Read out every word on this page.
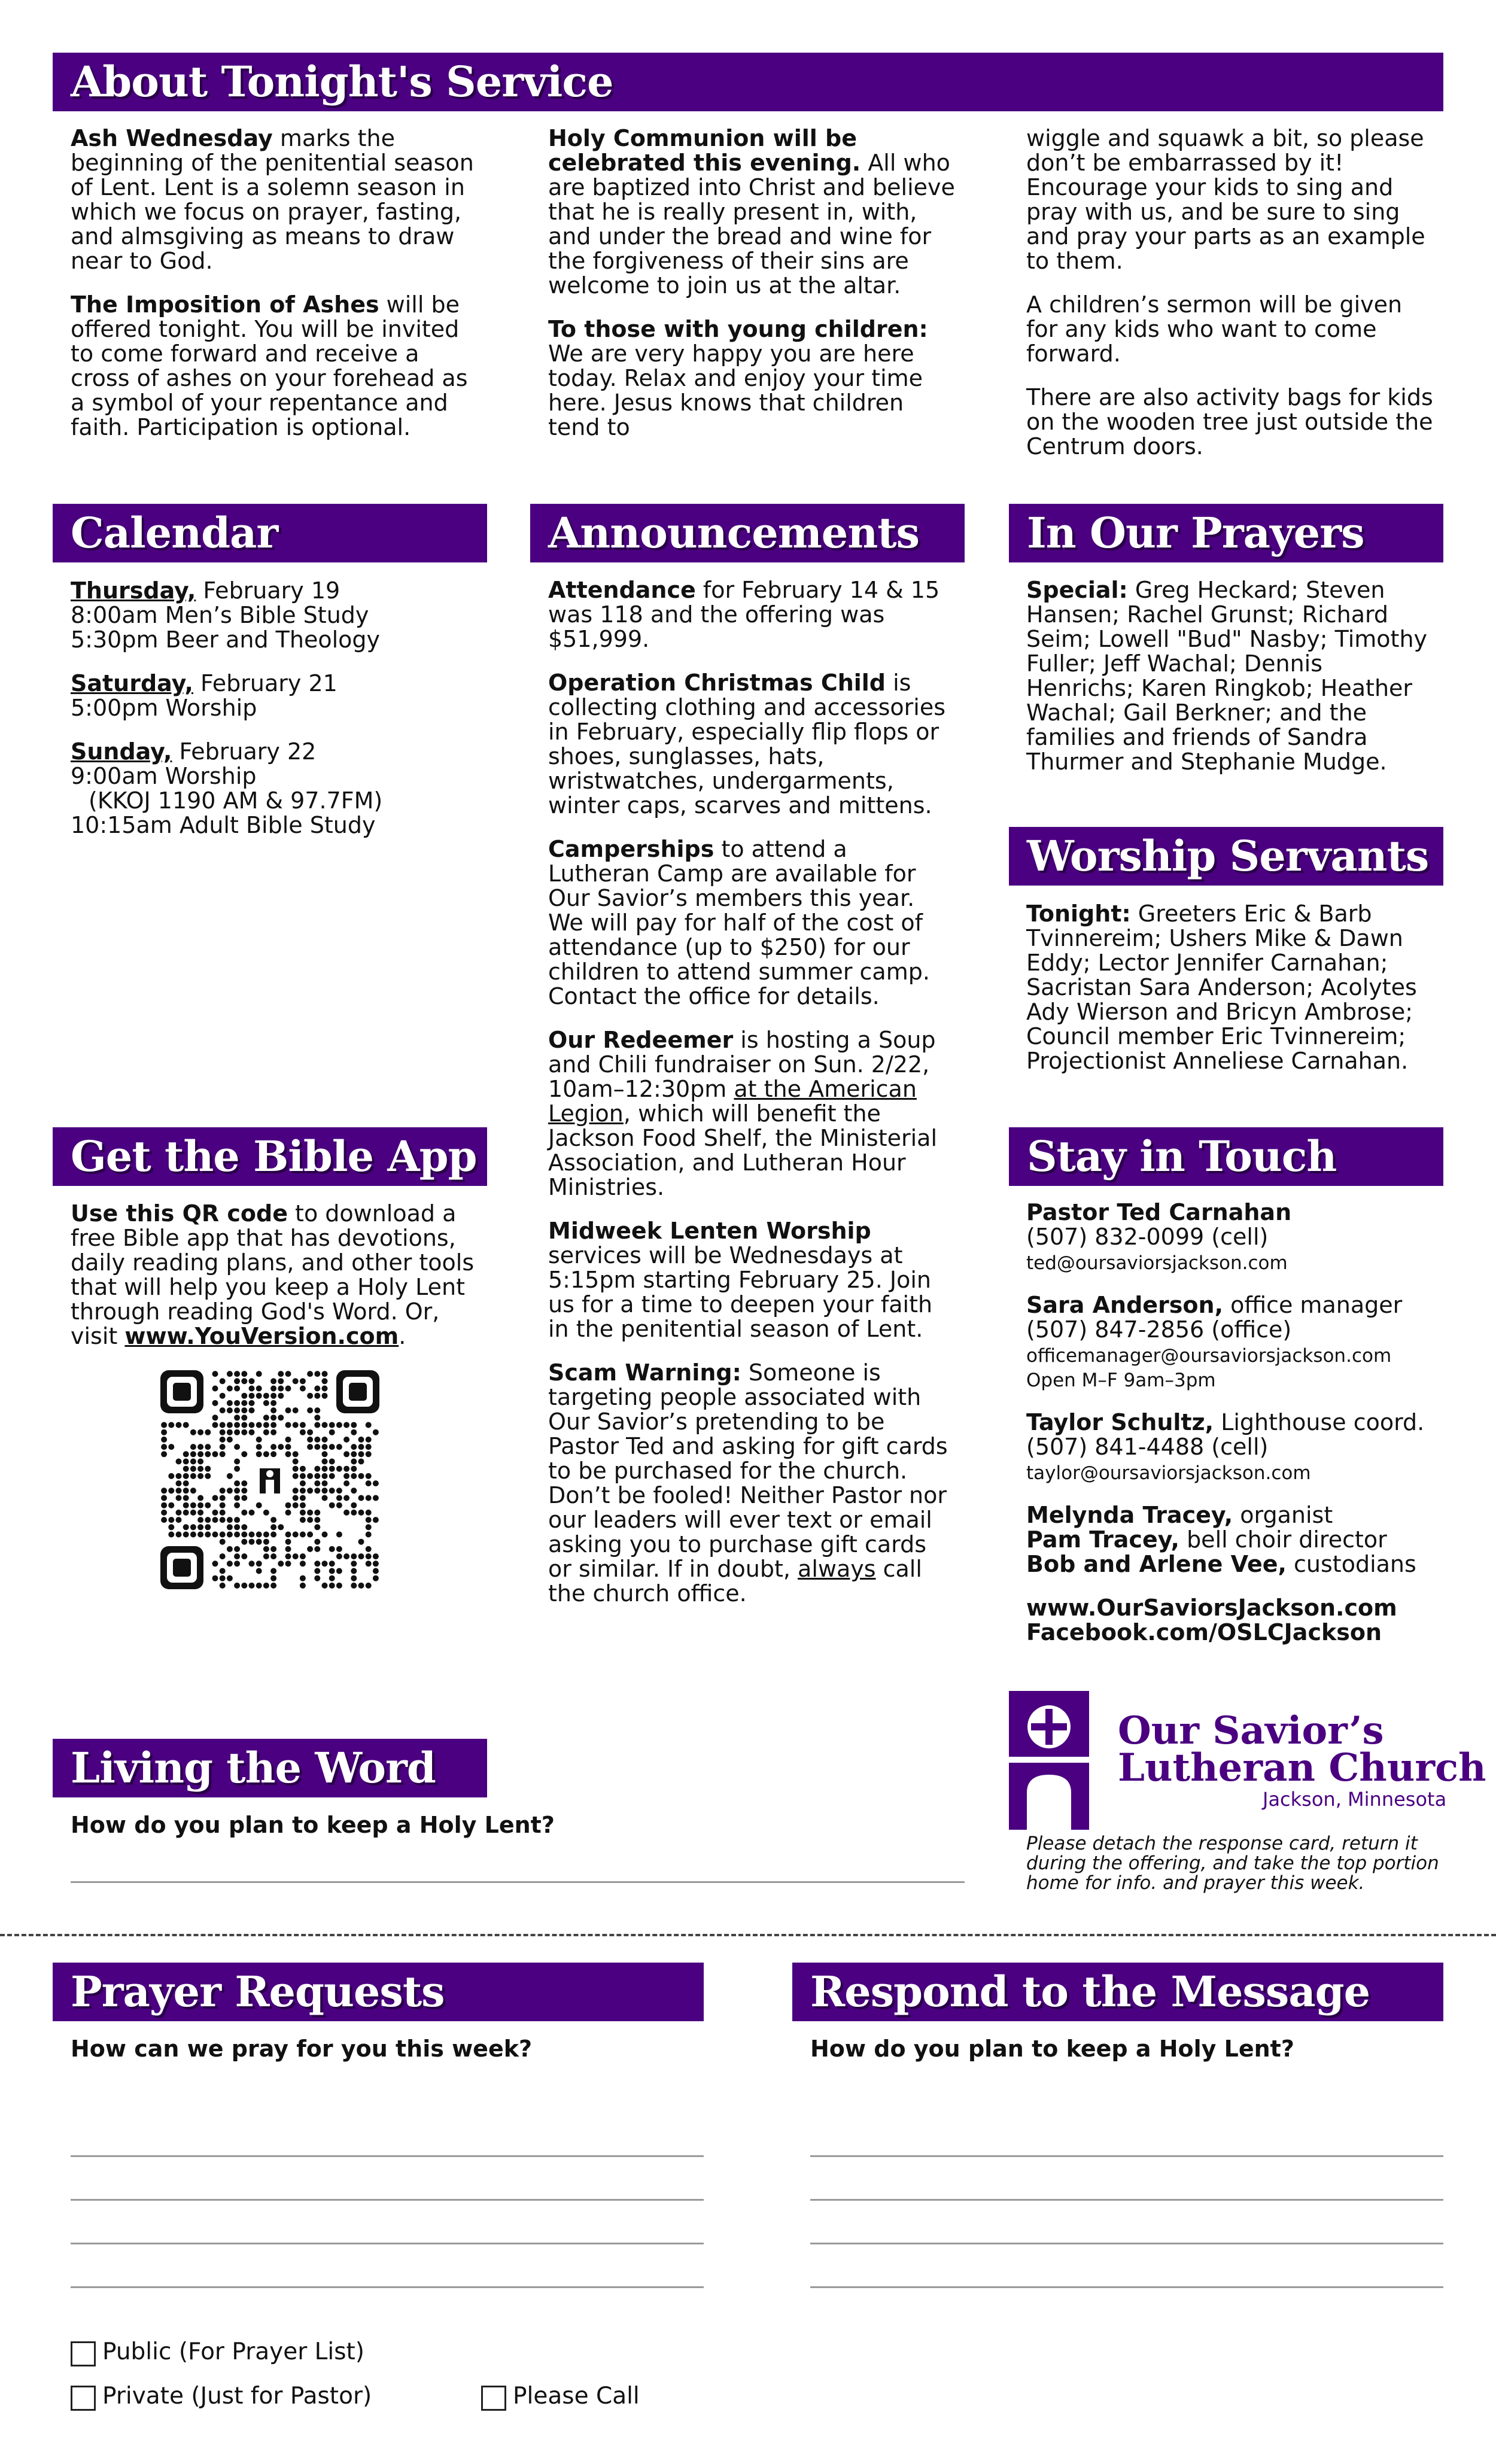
About Tonight's Service

Ash Wednesday marks the beginning of the penitential season of Lent. Lent is a solemn season in which we focus on prayer, fasting, and almsgiving as means to draw near to God.

The Imposition of Ashes will be offered tonight. You will be invited to come forward and receive a cross of ashes on your forehead as a symbol of your repentance and faith. Participation is optional.

Holy Communion will be celebrated this evening. All who are baptized into Christ and believe that he is really present in, with, and under the bread and wine for the forgiveness of their sins are welcome to join us at the altar.

To those with young children: We are very happy you are here today. Relax and enjoy your time here. Jesus knows that children tend to

wiggle and squawk a bit, so please don’t be embarrassed by it! Encourage your kids to sing and pray with us, and be sure to sing and pray your parts as an example to them.

A children’s sermon will be given for any kids who want to come forward.

There are also activity bags for kids on the wooden tree just outside the Centrum doors.

Calendar

Thursday, February 19
8:00am Men’s Bible Study
5:30pm Beer and Theology

Saturday, February 21
5:00pm Worship

Sunday, February 22
9:00am Worship
(KKOJ 1190 AM & 97.7FM)
10:15am Adult Bible Study

Announcements

Attendance for February 14 & 15 was 118 and the offering was $51,999.

Operation Christmas Child is collecting clothing and accessories in February, especially flip flops or shoes, sunglasses, hats, wristwatches, undergarments, winter caps, scarves and mittens.

Camperships to attend a Lutheran Camp are available for Our Savior’s members this year. We will pay for half of the cost of attendance (up to $250) for our children to attend summer camp. Contact the office for details.

Our Redeemer is hosting a Soup and Chili fundraiser on Sun. 2/22, 10am–12:30pm at the American Legion, which will benefit the Jackson Food Shelf, the Ministerial Association, and Lutheran Hour Ministries.

Midweek Lenten Worship services will be Wednesdays at 5:15pm starting February 25. Join us for a time to deepen your faith in the penitential season of Lent.

Scam Warning: Someone is targeting people associated with Our Savior’s pretending to be Pastor Ted and asking for gift cards to be purchased for the church. Don’t be fooled! Neither Pastor nor our leaders will ever text or email asking you to purchase gift cards or similar. If in doubt, always call the church office.

In Our Prayers

Special: Greg Heckard; Steven Hansen; Rachel Grunst; Richard Seim; Lowell "Bud" Nasby; Timothy Fuller; Jeff Wachal; Dennis Henrichs; Karen Ringkob; Heather Wachal; Gail Berkner; and the families and friends of Sandra Thurmer and Stephanie Mudge.

Worship Servants

Tonight: Greeters Eric & Barb Tvinnereim; Ushers Mike & Dawn Eddy; Lector Jennifer Carnahan; Sacristan Sara Anderson; Acolytes Ady Wierson and Bricyn Ambrose; Council member Eric Tvinnereim; Projectionist Anneliese Carnahan.

Get the Bible App

Use this QR code to download a free Bible app that has devotions, daily reading plans, and other tools that will help you keep a Holy Lent through reading God's Word. Or, visit www.YouVersion.com.

Stay in Touch

Pastor Ted Carnahan
(507) 832-0099 (cell)
ted@oursaviorsjackson.com

Sara Anderson, office manager
(507) 847-2856 (office)
officemanager@oursaviorsjackson.com
Open M–F 9am–3pm

Taylor Schultz, Lighthouse coord.
(507) 841-4488 (cell)
taylor@oursaviorsjackson.com

Melynda Tracey, organist
Pam Tracey, bell choir director
Bob and Arlene Vee, custodians

www.OurSaviorsJackson.com
Facebook.com/OSLCJackson

Our Savior’s
Lutheran Church
Jackson, Minnesota
Please detach the response card, return it during the offering, and take the top portion home for info. and prayer this week.
Living the Word
How do you plan to keep a Holy Lent?
Prayer Requests
How can we pray for you this week?
Public (For Prayer List)
Private (Just for Pastor)	Please Call
Respond to the Message
How do you plan to keep a Holy Lent?
